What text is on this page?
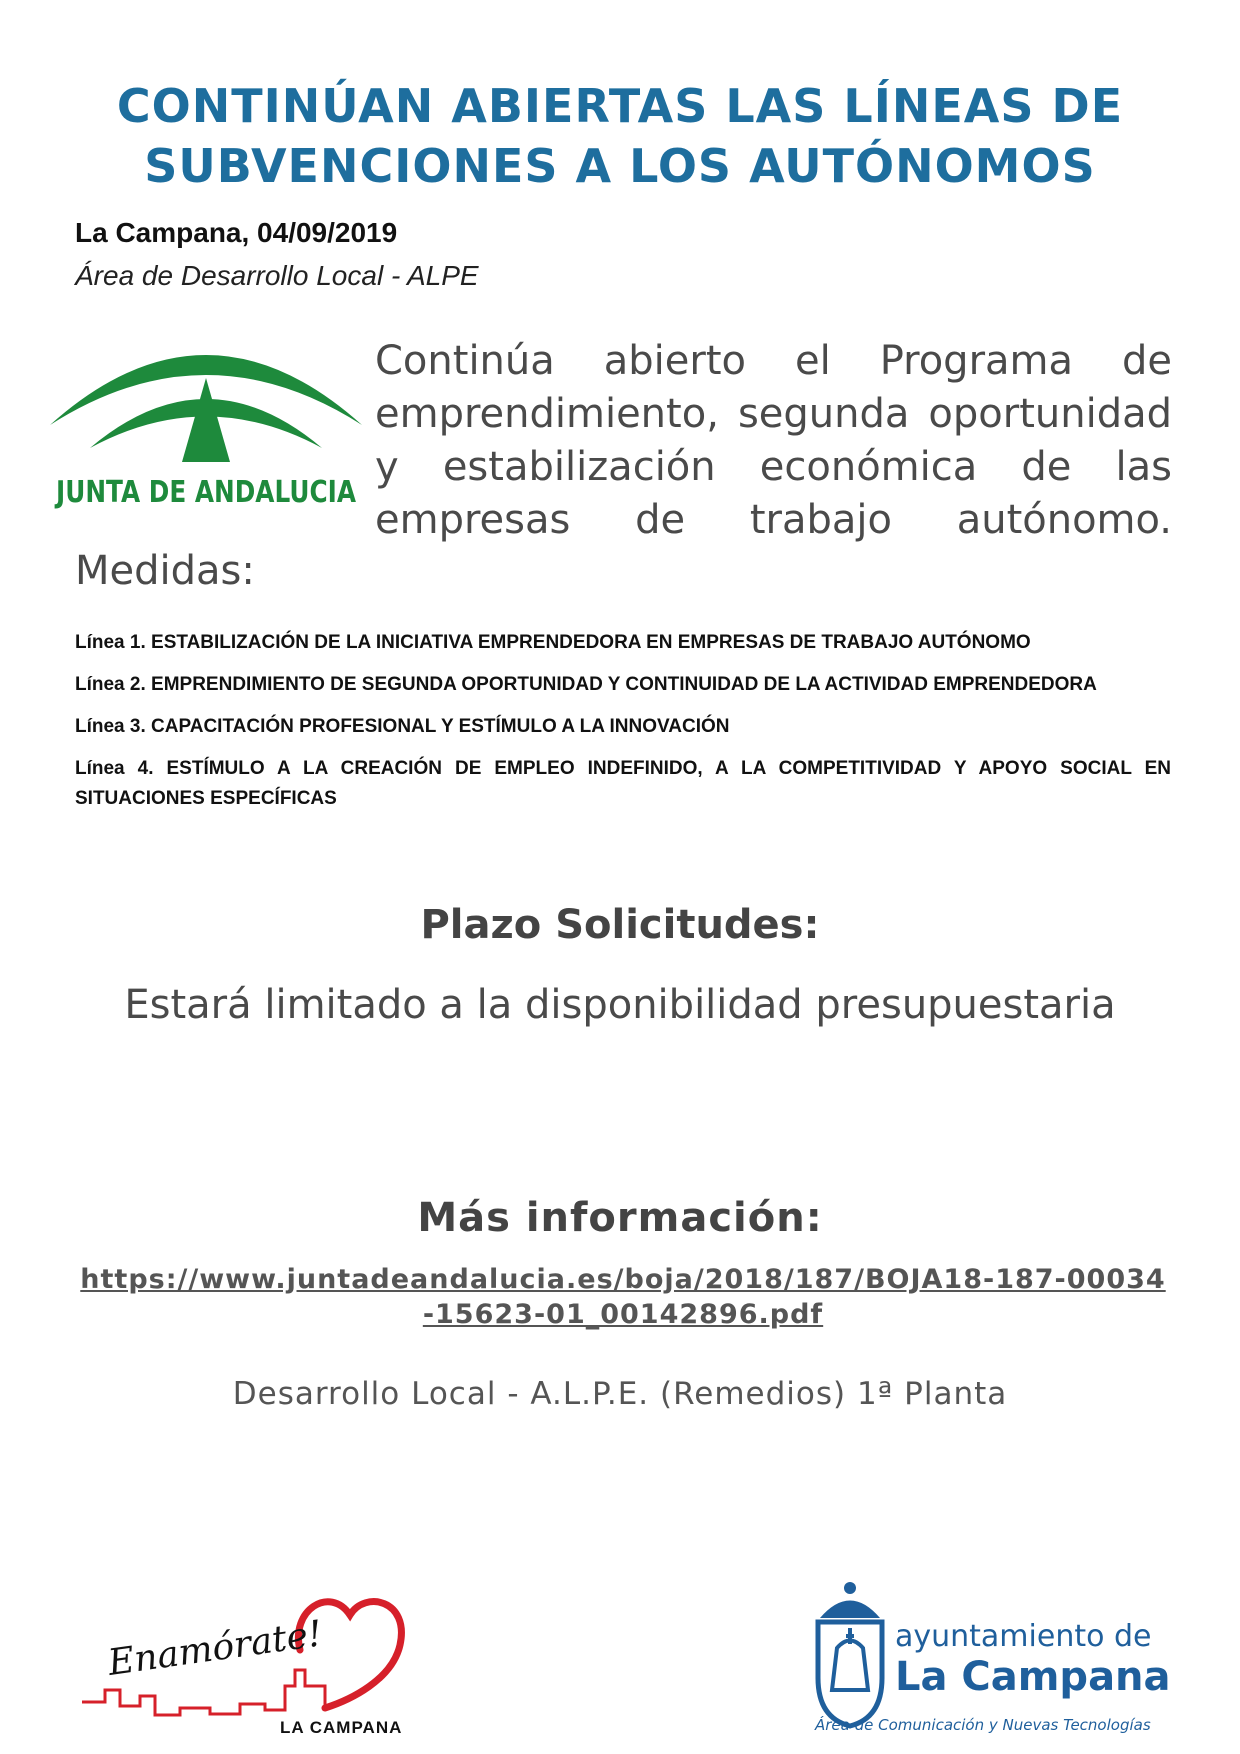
CONTINÚAN ABIERTAS LAS LÍNEAS DE SUBVENCIONES A LOS AUTÓNOMOS
La Campana, 04/09/2019
Área de Desarrollo Local - ALPE
JUNTA DE ANDALUCIA

Continúa abierto el Programa de emprendimiento, segunda oportunidad y estabilización económica de las empresas de trabajo autónomo.

Medidas:

Línea 1. ESTABILIZACIÓN DE LA INICIATIVA EMPRENDEDORA EN EMPRESAS DE TRABAJO AUTÓNOMO

Línea 2. EMPRENDIMIENTO DE SEGUNDA OPORTUNIDAD Y CONTINUIDAD DE LA ACTIVIDAD EMPRENDEDORA

Línea 3. CAPACITACIÓN PROFESIONAL Y ESTÍMULO A LA INNOVACIÓN

Línea 4. ESTÍMULO A LA CREACIÓN DE EMPLEO INDEFINIDO, A LA COMPETITIVIDAD Y APOYO SOCIAL EN SITUACIONES ESPECÍFICAS

Plazo Solicitudes:
Estará limitado a la disponibilidad presupuestaria
Más información:
https://www.juntadeandalucia.es/boja/2018/187/BOJA18-187-00034-15623-01_00142896.pdf
Desarrollo Local - A.L.P.E. (Remedios) 1ª Planta
Enamórate!
LA CAMPANA
ayuntamiento de
La Campana
Área de Comunicación y Nuevas Tecnologías
